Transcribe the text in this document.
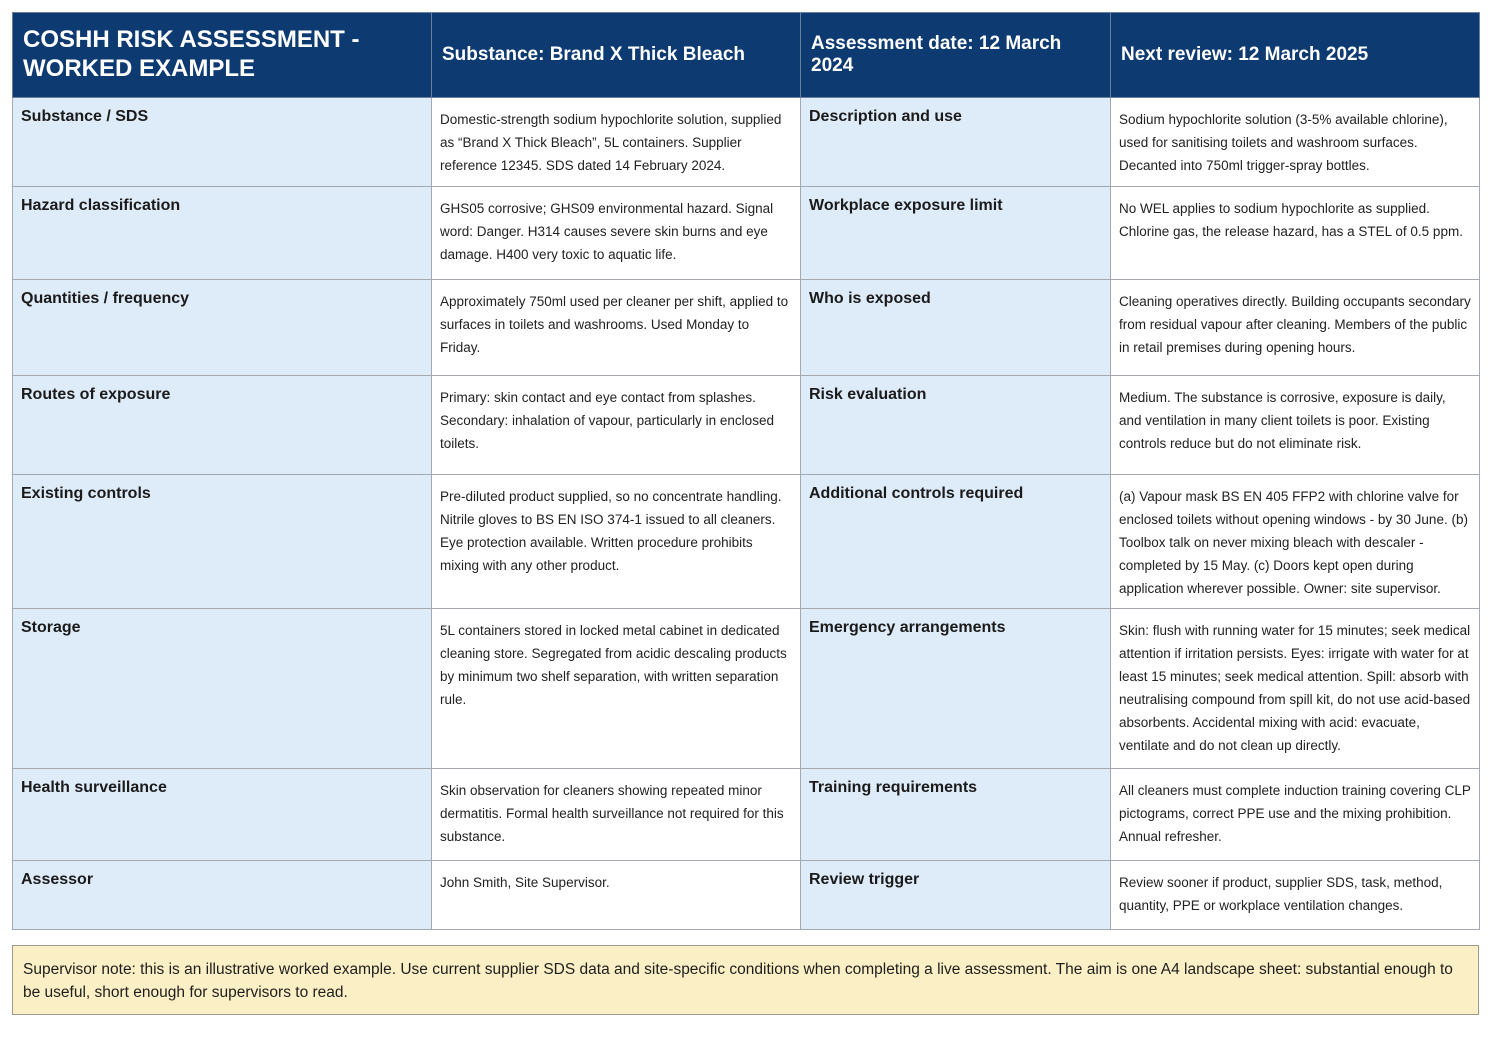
COSHH RISK ASSESSMENT - WORKED EXAMPLE	Substance: Brand X Thick Bleach	Assessment date: 12 March 2024	Next review: 12 March 2025
Substance / SDS	Domestic-strength sodium hypochlorite solution, supplied as “Brand X Thick Bleach”, 5L containers. Supplier reference 12345. SDS dated 14 February 2024.	Description and use	Sodium hypochlorite solution (3-5% available chlorine), used for sanitising toilets and washroom surfaces. Decanted into 750ml trigger-spray bottles.
Hazard classification	GHS05 corrosive; GHS09 environmental hazard. Signal word: Danger. H314 causes severe skin burns and eye damage. H400 very toxic to aquatic life.	Workplace exposure limit	No WEL applies to sodium hypochlorite as supplied. Chlorine gas, the release hazard, has a STEL of 0.5 ppm.
Quantities / frequency	Approximately 750ml used per cleaner per shift, applied to surfaces in toilets and washrooms. Used Monday to Friday.	Who is exposed	Cleaning operatives directly. Building occupants secondary from residual vapour after cleaning. Members of the public in retail premises during opening hours.
Routes of exposure	Primary: skin contact and eye contact from splashes. Secondary: inhalation of vapour, particularly in enclosed toilets.	Risk evaluation	Medium. The substance is corrosive, exposure is daily, and ventilation in many client toilets is poor. Existing controls reduce but do not eliminate risk.
Existing controls	Pre-diluted product supplied, so no concentrate handling. Nitrile gloves to BS EN ISO 374-1 issued to all cleaners. Eye protection available. Written procedure prohibits mixing with any other product.	Additional controls required	(a) Vapour mask BS EN 405 FFP2 with chlorine valve for enclosed toilets without opening windows - by 30 June. (b) Toolbox talk on never mixing bleach with descaler - completed by 15 May. (c) Doors kept open during application wherever possible. Owner: site supervisor.
Storage	5L containers stored in locked metal cabinet in dedicated cleaning store. Segregated from acidic descaling products by minimum two shelf separation, with written separation rule.	Emergency arrangements	Skin: flush with running water for 15 minutes; seek medical attention if irritation persists. Eyes: irrigate with water for at least 15 minutes; seek medical attention. Spill: absorb with neutralising compound from spill kit, do not use acid-based absorbents. Accidental mixing with acid: evacuate, ventilate and do not clean up directly.
Health surveillance	Skin observation for cleaners showing repeated minor dermatitis. Formal health surveillance not required for this substance.	Training requirements	All cleaners must complete induction training covering CLP pictograms, correct PPE use and the mixing prohibition. Annual refresher.
Assessor	John Smith, Site Supervisor.	Review trigger	Review sooner if product, supplier SDS, task, method, quantity, PPE or workplace ventilation changes.
Supervisor note: this is an illustrative worked example. Use current supplier SDS data and site-specific conditions when completing a live assessment. The aim is one A4 landscape sheet: substantial enough to be useful, short enough for supervisors to read.
